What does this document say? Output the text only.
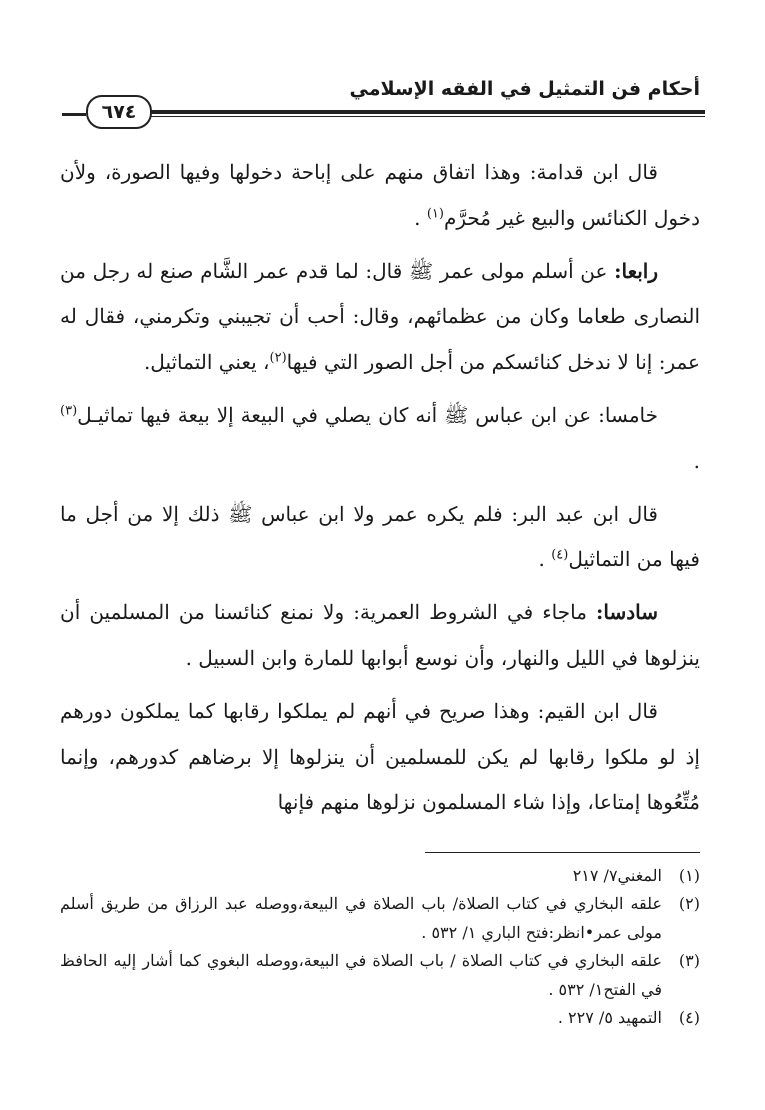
أحكام فن التمثيل في الفقه الإسلامي
٦٧٤

قال ابن قدامة: وهذا اتفاق منهم على إباحة دخولها وفيها الصورة، ولأن دخول الكنائس والبيع غير مُحرَّم$^{(١)}$ .

رابعا: عن أسلم مولى عمر ﷺ قال: لما قدم عمر الشَّام صنع له رجل من النصارى طعاما وكان من عظمائهم، وقال: أحب أن تجيبني وتكرمني، فقال له عمر: إنا لا ندخل كنائسكم من أجل الصور التي فيها$^{(٢)}$، يعني التماثيل.

خامسا: عن ابن عباس ﷺ أنه كان يصلي في البيعة إلا بيعة فيها تماثيـل$^{(٣)}$ .

قال ابن عبد البر: فلم يكره عمر ولا ابن عباس ﷺ ذلك إلا من أجل ما فيها من التماثيل$^{(٤)}$ .

سادسا: ماجاء في الشروط العمرية: ولا نمنع كنائسنا من المسلمين أن ينزلوها في الليل والنهار، وأن نوسع أبوابها للمارة وابن السبيل .

قال ابن القيم: وهذا صريح في أنهم لم يملكوا رقابها كما يملكون دورهم إذ لو ملكوا رقابها لم يكن للمسلمين أن ينزلوها إلا برضاهم كدورهم، وإنما مُتِّعُوها إمتاعا، وإذا شاء المسلمون نزلوها منهم فإنها

(١)
المغني٧/ ٢١٧
(٢)
علقه البخاري في كتاب الصلاة/ باب الصلاة في البيعة،ووصله عبد الرزاق من طريق أسلم مولى عمر•انظر:فتح الباري ١/ ٥٣٢ .
(٣)
علقه البخاري في كتاب الصلاة / باب الصلاة في البيعة،ووصله البغوي كما أشار إليه الحافظ في الفتح١/ ٥٣٢ .
(٤)
التمهيد ٥/ ٢٢٧ .
